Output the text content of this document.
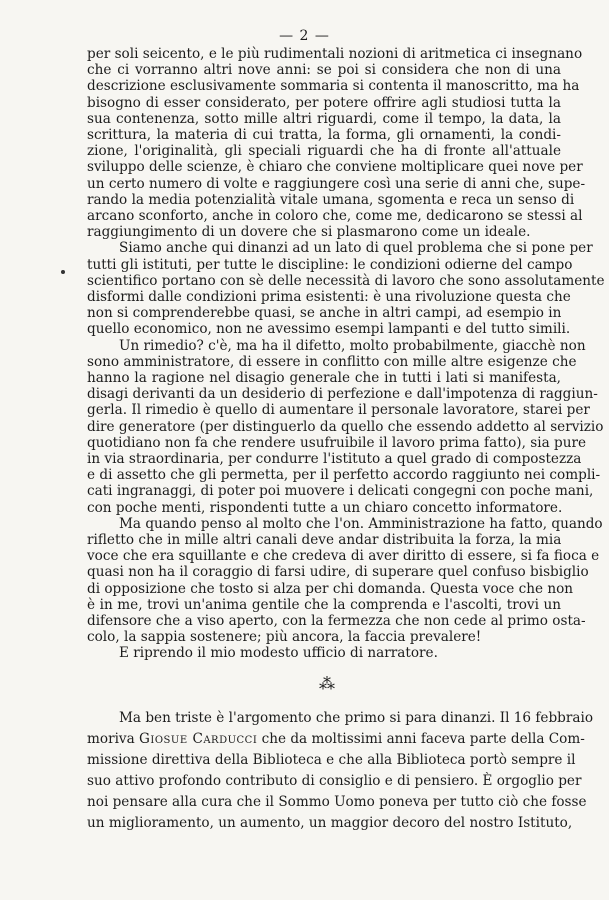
— 2 —
per soli seicento, e le più rudimentali nozioni di aritmetica ci insegnano
che ci vorranno altri nove anni: se poi si considera che non di una
descrizione esclusivamente sommaria si contenta il manoscritto, ma ha
bisogno di esser considerato, per potere offrire agli studiosi tutta la
sua contenenza, sotto mille altri riguardi, come il tempo, la data, la
scrittura, la materia di cui tratta, la forma, gli ornamenti, la condi-
zione, l'originalità, gli speciali riguardi che ha di fronte all'attuale
sviluppo delle scienze, è chiaro che conviene moltiplicare quei nove per
un certo numero di volte e raggiungere così una serie di anni che, supe-
rando la media potenzialità vitale umana, sgomenta e reca un senso di
arcano sconforto, anche in coloro che, come me, dedicarono se stessi al
raggiungimento di un dovere che si plasmarono come un ideale.
Siamo anche qui dinanzi ad un lato di quel problema che si pone per
tutti gli istituti, per tutte le discipline: le condizioni odierne del campo
scientifico portano con sè delle necessità di lavoro che sono assolutamente
disformi dalle condizioni prima esistenti: è una rivoluzione questa che
non si comprenderebbe quasi, se anche in altri campi, ad esempio in
quello economico, non ne avessimo esempi lampanti e del tutto simili.
Un rimedio? c'è, ma ha il difetto, molto probabilmente, giacchè non
sono amministratore, di essere in conflitto con mille altre esigenze che
hanno la ragione nel disagio generale che in tutti i lati si manifesta,
disagi derivanti da un desiderio di perfezione e dall'impotenza di raggiun-
gerla. Il rimedio è quello di aumentare il personale lavoratore, starei per
dire generatore (per distinguerlo da quello che essendo addetto al servizio
quotidiano non fa che rendere usufruibile il lavoro prima fatto), sia pure
in via straordinaria, per condurre l'istituto a quel grado di compostezza
e di assetto che gli permetta, per il perfetto accordo raggiunto nei compli-
cati ingranaggi, di poter poi muovere i delicati congegni con poche mani,
con poche menti, rispondenti tutte a un chiaro concetto informatore.
Ma quando penso al molto che l'on. Amministrazione ha fatto, quando
rifletto che in mille altri canali deve andar distribuita la forza, la mia
voce che era squillante e che credeva di aver diritto di essere, si fa fioca e
quasi non ha il coraggio di farsi udire, di superare quel confuso bisbiglio
di opposizione che tosto si alza per chi domanda. Questa voce che non
è in me, trovi un'anima gentile che la comprenda e l'ascolti, trovi un
difensore che a viso aperto, con la fermezza che non cede al primo osta-
colo, la sappia sostenere; più ancora, la faccia prevalere!
E riprendo il mio modesto ufficio di narratore.
⁂
Ma ben triste è l'argomento che primo si para dinanzi. Il 16 febbraio
moriva Giosue Carducci che da moltissimi anni faceva parte della Com-
missione direttiva della Biblioteca e che alla Biblioteca portò sempre il
suo attivo profondo contributo di consiglio e di pensiero. È orgoglio per
noi pensare alla cura che il Sommo Uomo poneva per tutto ciò che fosse
un miglioramento, un aumento, un maggior decoro del nostro Istituto,
